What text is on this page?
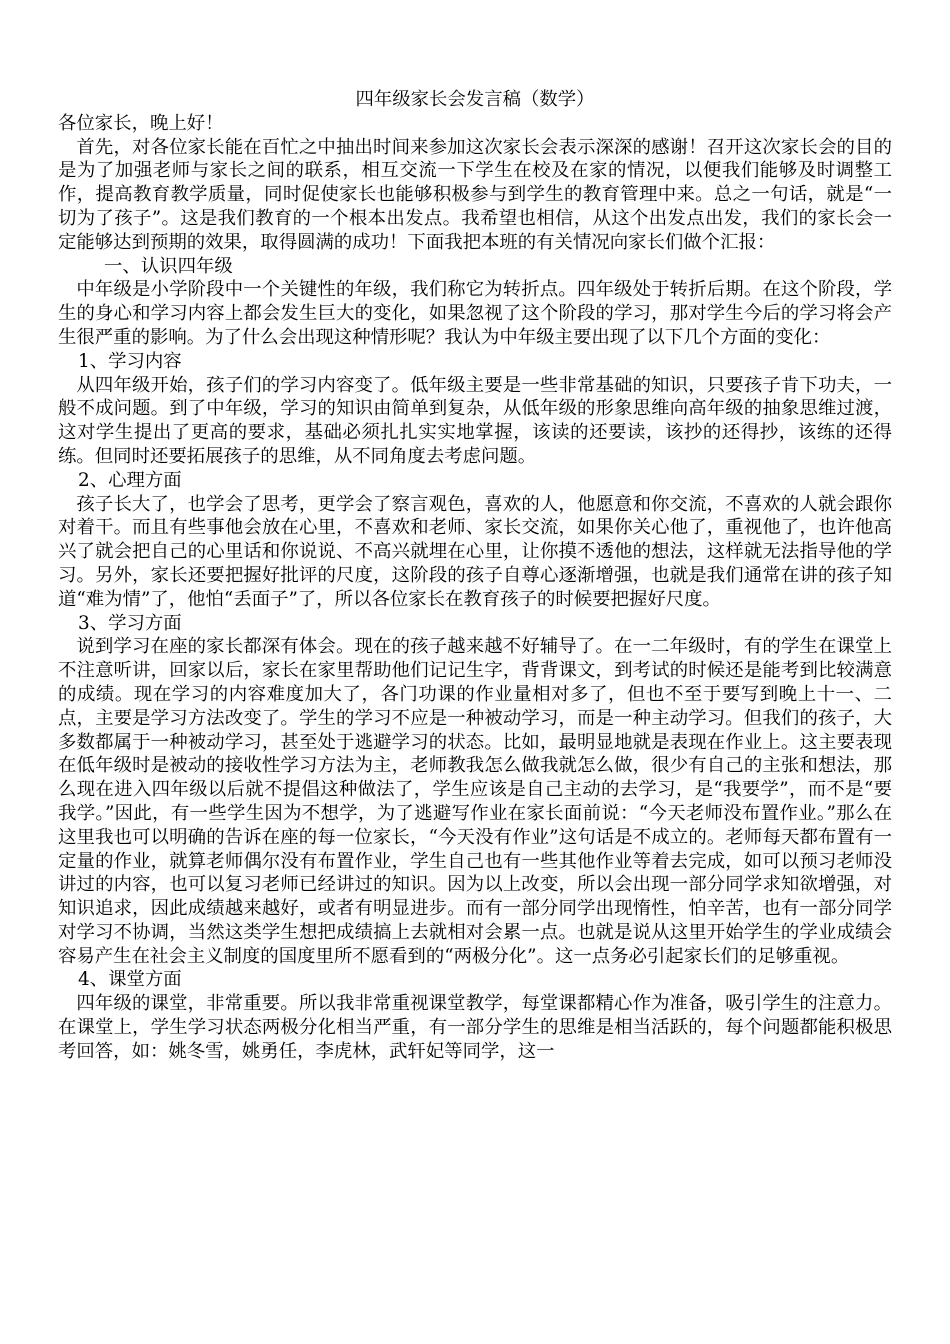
四年级家长会发言稿（数学）

各位家长，晚上好！

首先，对各位家长能在百忙之中抽出时间来参加这次家长会表示深深的感谢！召开这次家长会的目的是为了加强老师与家长之间的联系，相互交流一下学生在校及在家的情况，以便我们能够及时调整工作，提高教育教学质量，同时促使家长也能够积极参与到学生的教育管理中来。总之一句话，就是“一切为了孩子”。这是我们教育的一个根本出发点。我希望也相信，从这个出发点出发，我们的家长会一定能够达到预期的效果，取得圆满的成功！下面我把本班的有关情况向家长们做个汇报：

一、认识四年级

中年级是小学阶段中一个关键性的年级，我们称它为转折点。四年级处于转折后期。在这个阶段，学生的身心和学习内容上都会发生巨大的变化，如果忽视了这个阶段的学习，那对学生今后的学习将会产生很严重的影响。为了什么会出现这种情形呢？我认为中年级主要出现了以下几个方面的变化：

1、学习内容

从四年级开始，孩子们的学习内容变了。低年级主要是一些非常基础的知识，只要孩子肯下功夫，一般不成问题。到了中年级，学习的知识由简单到复杂，从低年级的形象思维向高年级的抽象思维过渡，这对学生提出了更高的要求，基础必须扎扎实实地掌握，该读的还要读，该抄的还得抄，该练的还得练。但同时还要拓展孩子的思维，从不同角度去考虑问题。

2、心理方面

孩子长大了，也学会了思考，更学会了察言观色，喜欢的人，他愿意和你交流，不喜欢的人就会跟你对着干。而且有些事他会放在心里，不喜欢和老师、家长交流，如果你关心他了，重视他了，也许他高兴了就会把自己的心里话和你说说、不高兴就埋在心里，让你摸不透他的想法，这样就无法指导他的学习。另外，家长还要把握好批评的尺度，这阶段的孩子自尊心逐渐增强，也就是我们通常在讲的孩子知道“难为情”了，他怕“丢面子”了，所以各位家长在教育孩子的时候要把握好尺度。

3、学习方面

说到学习在座的家长都深有体会。现在的孩子越来越不好辅导了。在一二年级时，有的学生在课堂上不注意听讲，回家以后，家长在家里帮助他们记记生字，背背课文，到考试的时候还是能考到比较满意的成绩。现在学习的内容难度加大了，各门功课的作业量相对多了，但也不至于要写到晚上十一、二点，主要是学习方法改变了。学生的学习不应是一种被动学习，而是一种主动学习。但我们的孩子，大多数都属于一种被动学习，甚至处于逃避学习的状态。比如，最明显地就是表现在作业上。这主要表现在低年级时是被动的接收性学习方法为主，老师教我怎么做我就怎么做，很少有自己的主张和想法，那么现在进入四年级以后就不提倡这种做法了，学生应该是自己主动的去学习，是“我要学”，而不是“要我学。”因此，有一些学生因为不想学，为了逃避写作业在家长面前说：“今天老师没布置作业。”那么在这里我也可以明确的告诉在座的每一位家长，“今天没有作业”这句话是不成立的。老师每天都布置有一定量的作业，就算老师偶尔没有布置作业，学生自己也有一些其他作业等着去完成，如可以预习老师没讲过的内容，也可以复习老师已经讲过的知识。因为以上改变，所以会出现一部分同学求知欲增强，对知识追求，因此成绩越来越好，或者有明显进步。而有一部分同学出现惰性，怕辛苦，也有一部分同学对学习不协调，当然这类学生想把成绩搞上去就相对会累一点。也就是说从这里开始学生的学业成绩会容易产生在社会主义制度的国度里所不愿看到的“两极分化”。这一点务必引起家长们的足够重视。

4、课堂方面

四年级的课堂，非常重要。所以我非常重视课堂教学，每堂课都精心作为准备，吸引学生的注意力。在课堂上，学生学习状态两极分化相当严重，有一部分学生的思维是相当活跃的，每个问题都能积极思考回答，如：姚冬雪，姚勇任，李虎林，武轩妃等同学，这一
